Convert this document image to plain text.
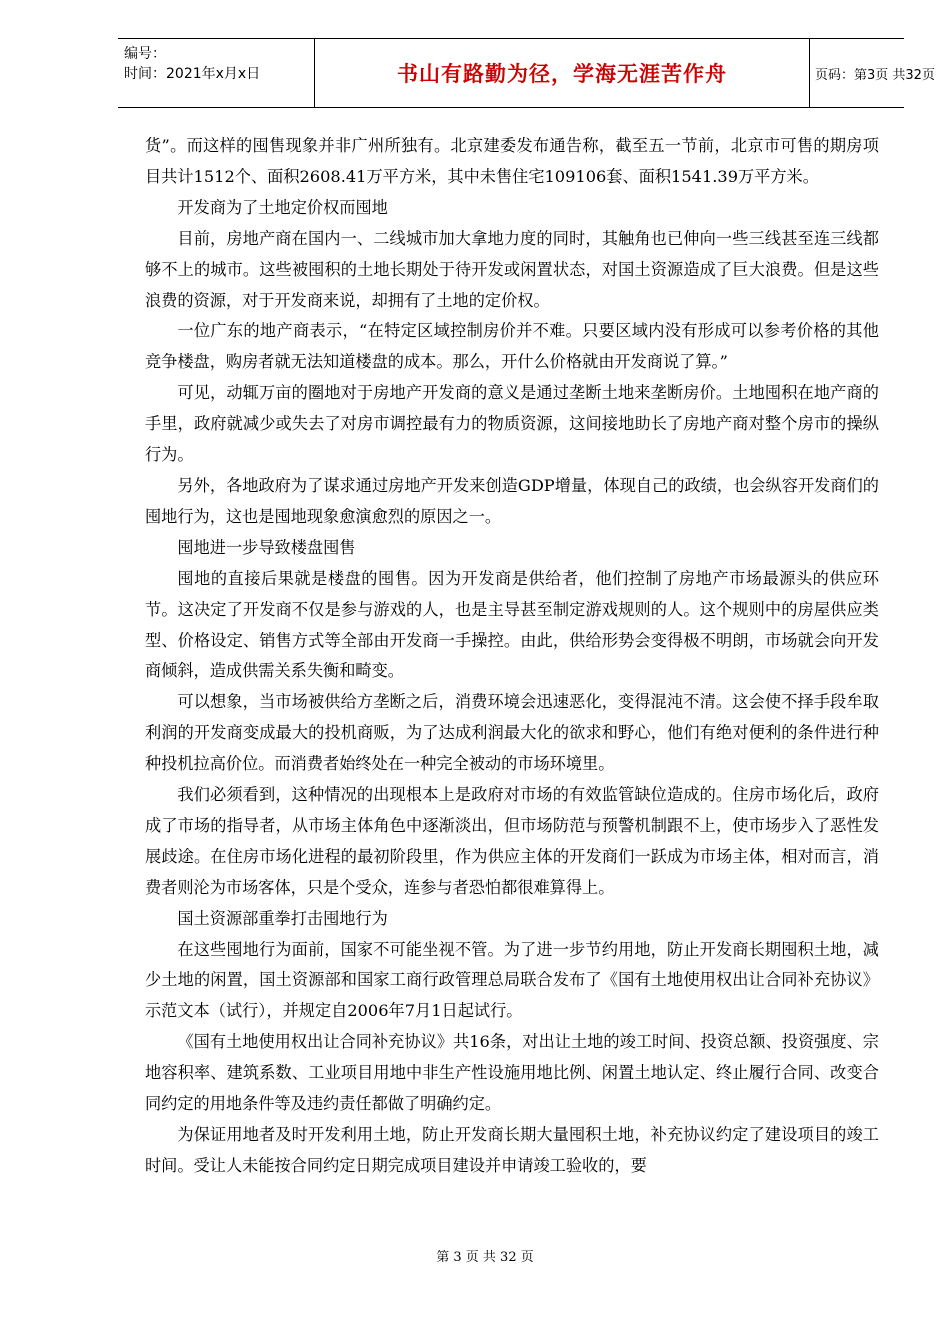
编号：
时间：2021年x月x日	书山有路勤为径，学海无涯苦作舟	页码：第3页 共32页

货”。而这样的囤售现象并非广州所独有。北京建委发布通告称，截至五一节前，北京市可售的期房项目共计1512个、面积2608.41万平方米，其中未售住宅109106套、面积1541.39万平方米。

开发商为了土地定价权而囤地

目前，房地产商在国内一、二线城市加大拿地力度的同时，其触角也已伸向一些三线甚至连三线都够不上的城市。这些被囤积的土地长期处于待开发或闲置状态，对国土资源造成了巨大浪费。但是这些浪费的资源，对于开发商来说，却拥有了土地的定价权。

一位广东的地产商表示，“在特定区域控制房价并不难。只要区域内没有形成可以参考价格的其他竞争楼盘，购房者就无法知道楼盘的成本。那么，开什么价格就由开发商说了算。”

可见，动辄万亩的圈地对于房地产开发商的意义是通过垄断土地来垄断房价。土地囤积在地产商的手里，政府就减少或失去了对房市调控最有力的物质资源，这间接地助长了房地产商对整个房市的操纵行为。

另外，各地政府为了谋求通过房地产开发来创造GDP增量，体现自己的政绩，也会纵容开发商们的囤地行为，这也是囤地现象愈演愈烈的原因之一。

囤地进一步导致楼盘囤售

囤地的直接后果就是楼盘的囤售。因为开发商是供给者，他们控制了房地产市场最源头的供应环节。这决定了开发商不仅是参与游戏的人，也是主导甚至制定游戏规则的人。这个规则中的房屋供应类型、价格设定、销售方式等全部由开发商一手操控。由此，供给形势会变得极不明朗，市场就会向开发商倾斜，造成供需关系失衡和畸变。

可以想象，当市场被供给方垄断之后，消费环境会迅速恶化，变得混沌不清。这会使不择手段牟取利润的开发商变成最大的投机商贩，为了达成利润最大化的欲求和野心，他们有绝对便利的条件进行种种投机拉高价位。而消费者始终处在一种完全被动的市场环境里。

我们必须看到，这种情况的出现根本上是政府对市场的有效监管缺位造成的。住房市场化后，政府成了市场的指导者，从市场主体角色中逐渐淡出，但市场防范与预警机制跟不上，使市场步入了恶性发展歧途。在住房市场化进程的最初阶段里，作为供应主体的开发商们一跃成为市场主体，相对而言，消费者则沦为市场客体，只是个受众，连参与者恐怕都很难算得上。

国土资源部重拳打击囤地行为

在这些囤地行为面前，国家不可能坐视不管。为了进一步节约用地，防止开发商长期囤积土地，减少土地的闲置，国土资源部和国家工商行政管理总局联合发布了《国有土地使用权出让合同补充协议》示范文本（试行），并规定自2006年7月1日起试行。

《国有土地使用权出让合同补充协议》共16条，对出让土地的竣工时间、投资总额、投资强度、宗地容积率、建筑系数、工业项目用地中非生产性设施用地比例、闲置土地认定、终止履行合同、改变合同约定的用地条件等及违约责任都做了明确约定。

为保证用地者及时开发利用土地，防止开发商长期大量囤积土地，补充协议约定了建设项目的竣工时间。受让人未能按合同约定日期完成项目建设并申请竣工验收的，要

第 3 页 共 32 页
